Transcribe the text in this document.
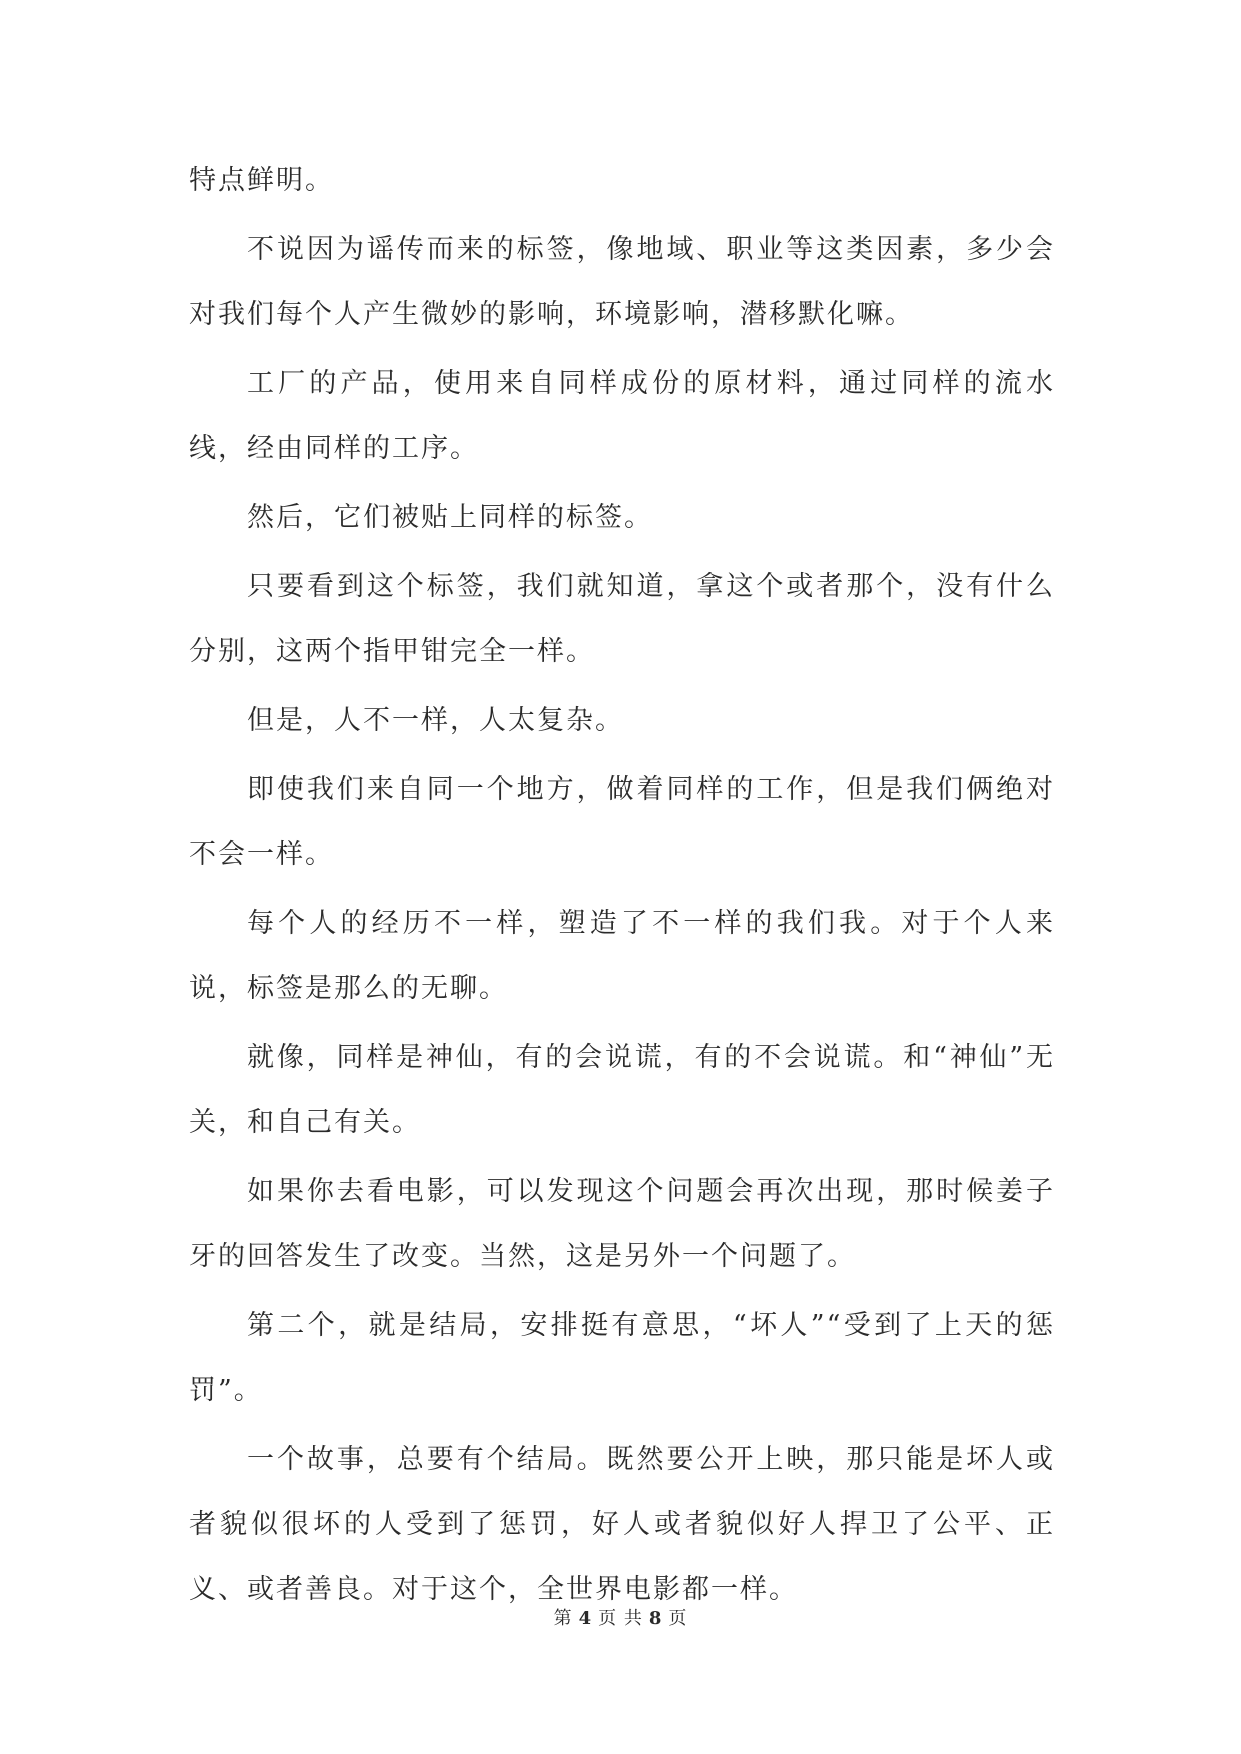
特点鲜明。

不说因为谣传而来的标签，像地域、职业等这类因素，多少会对我们每个人产生微妙的影响，环境影响，潜移默化嘛。

工厂的产品，使用来自同样成份的原材料，通过同样的流水线，经由同样的工序。

然后，它们被贴上同样的标签。

只要看到这个标签，我们就知道，拿这个或者那个，没有什么分别，这两个指甲钳完全一样。

但是，人不一样，人太复杂。

即使我们来自同一个地方，做着同样的工作，但是我们俩绝对不会一样。

每个人的经历不一样，塑造了不一样的我们我。对于个人来说，标签是那么的无聊。

就像，同样是神仙，有的会说谎，有的不会说谎。和“神仙”无关，和自己有关。

如果你去看电影，可以发现这个问题会再次出现，那时候姜子牙的回答发生了改变。当然，这是另外一个问题了。

第二个，就是结局，安排挺有意思，“坏人”“受到了上天的惩罚”。

一个故事，总要有个结局。既然要公开上映，那只能是坏人或者貌似很坏的人受到了惩罚，好人或者貌似好人捍卫了公平、正义、或者善良。对于这个，全世界电影都一样。

第 4 页 共 8 页
